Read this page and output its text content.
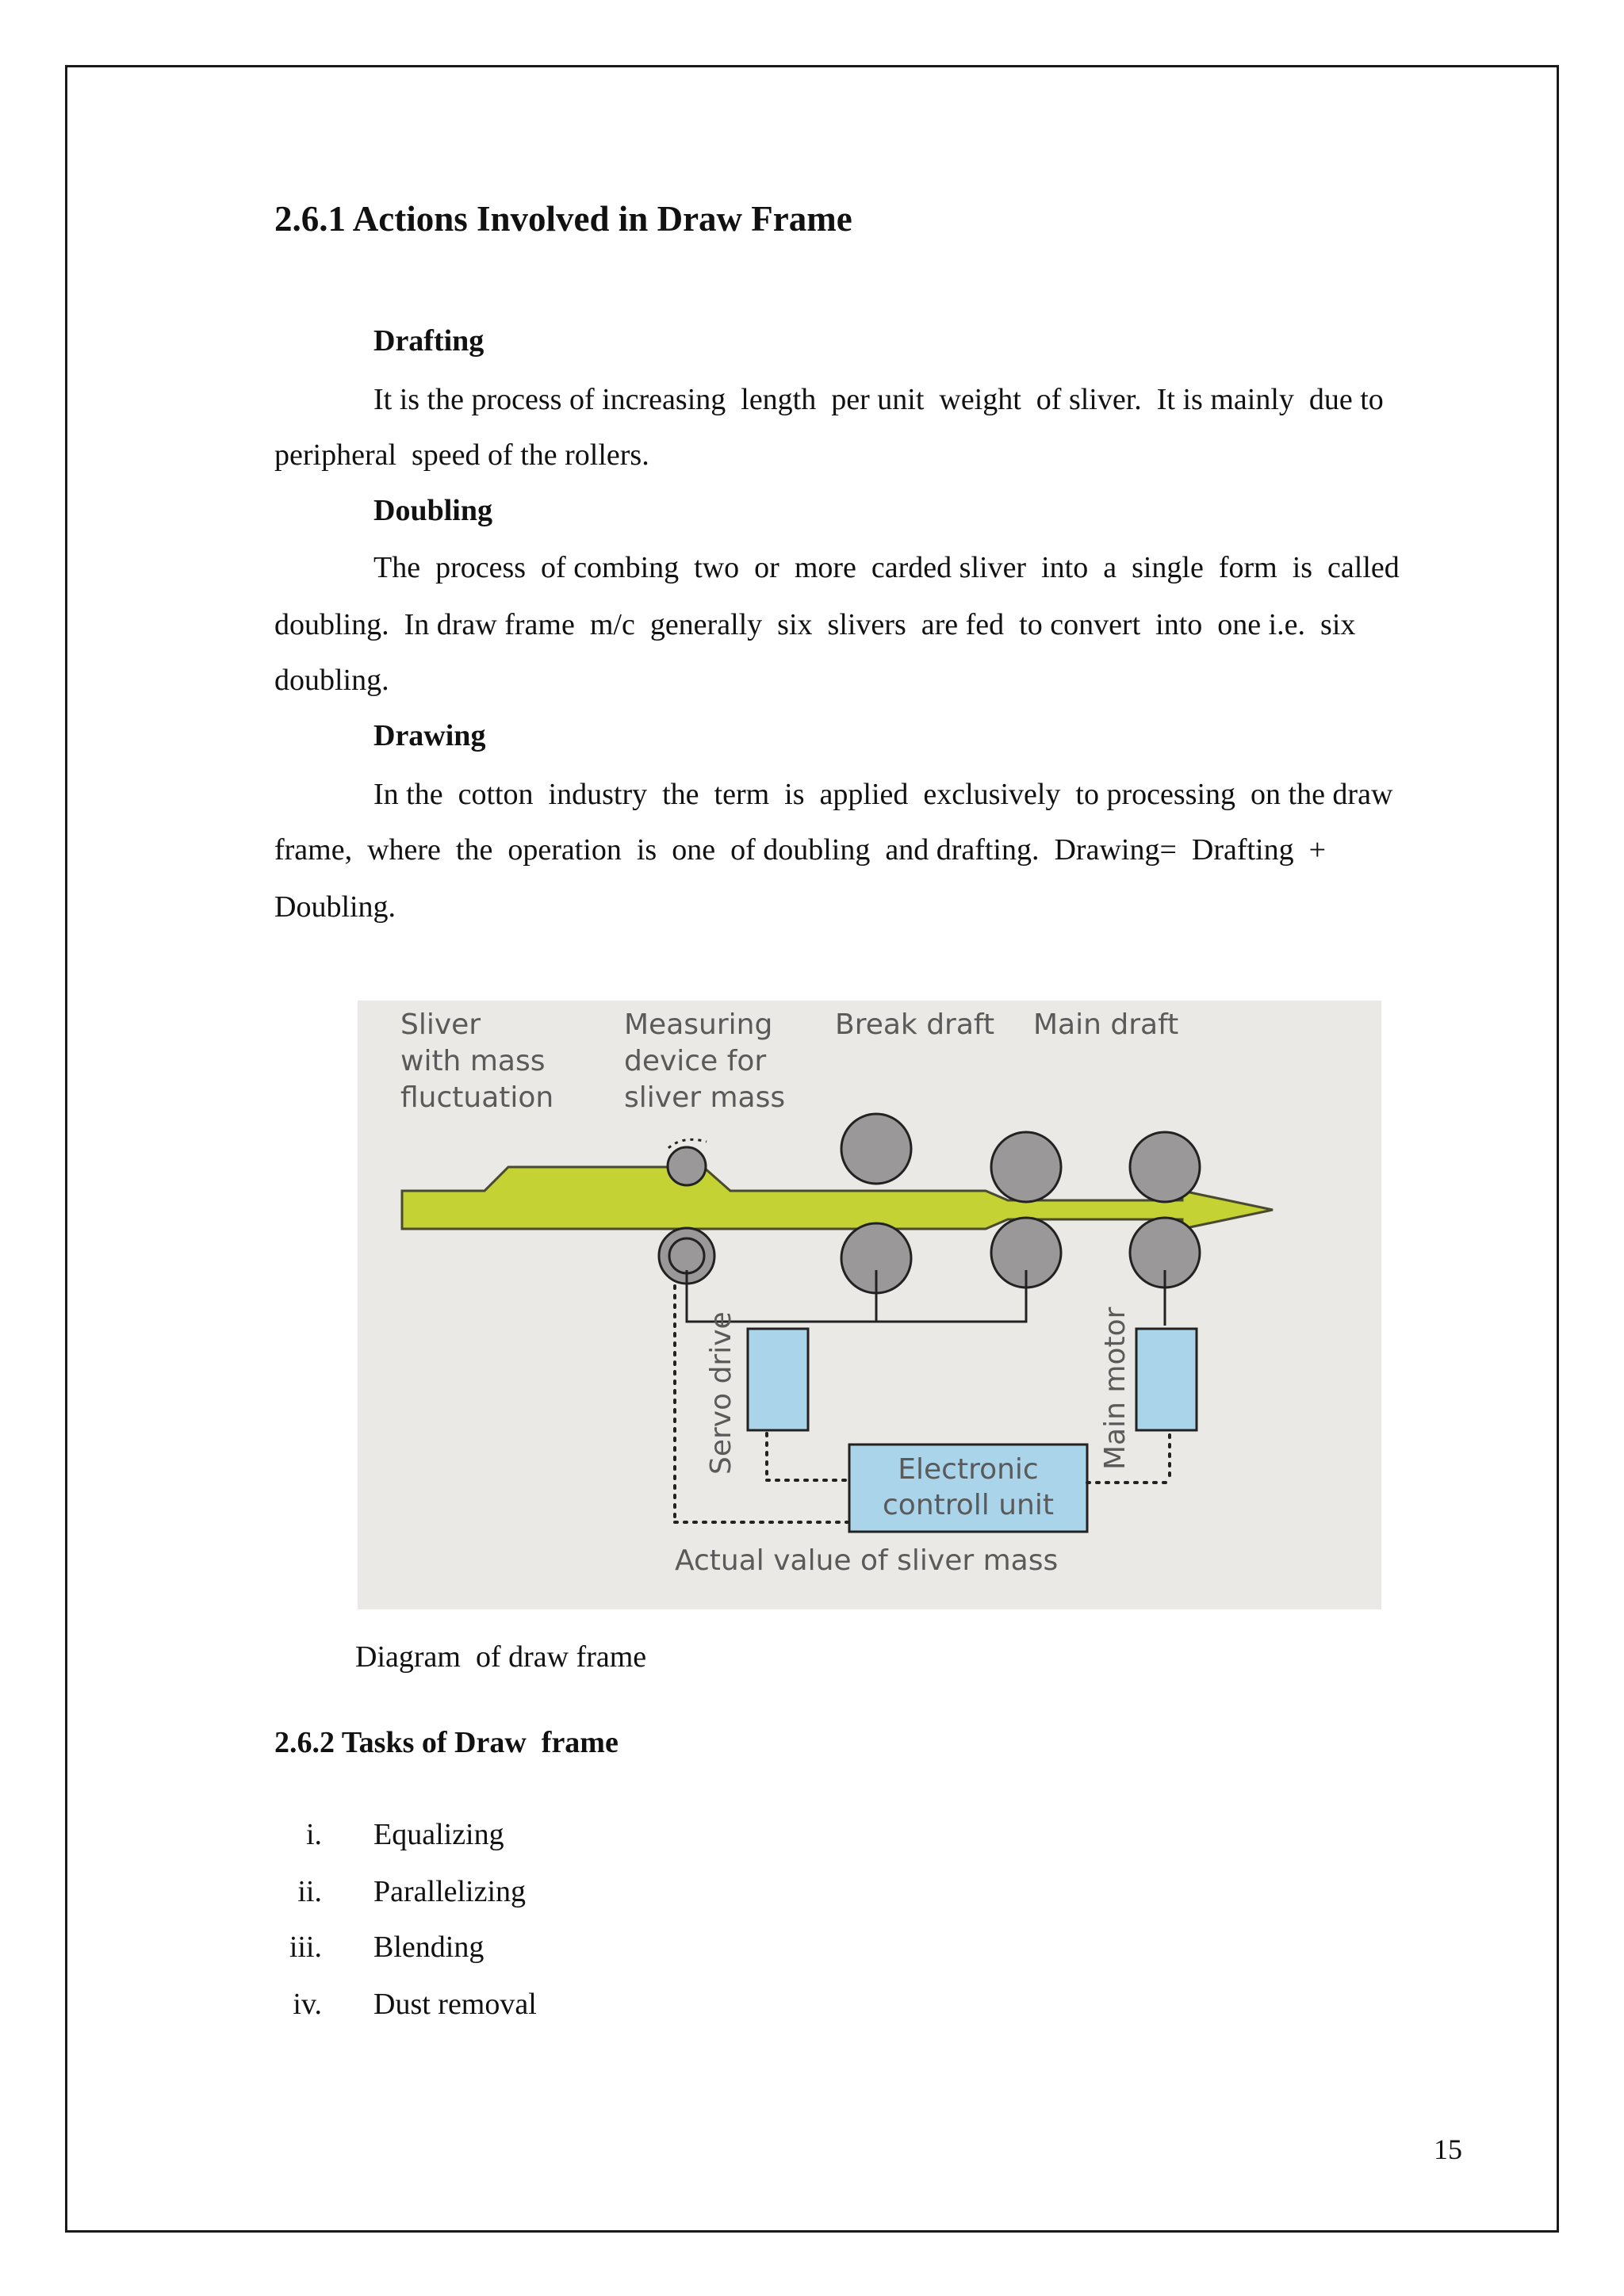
2.6.1 Actions Involved in Draw Frame
Drafting
It is the process of increasing  length  per unit  weight  of sliver.  It is mainly  due to
peripheral  speed of the rollers.
Doubling
The  process  of combing  two  or  more  carded sliver  into  a  single  form  is  called
doubling.  In draw frame  m/c  generally  six  slivers  are fed  to convert  into  one i.e.  six
doubling.
Drawing
In the  cotton  industry  the  term  is  applied  exclusively  to processing  on the draw
frame,  where  the  operation  is  one  of doubling  and drafting.  Drawing=  Drafting  +
Doubling.
Sliver
with mass
fluctuation
Measuring
device for
sliver mass
Break draft Main draft
Servo drive	Main motor
Electronic
controll unit
Actual value of sliver mass
Diagram  of draw frame
2.6.2 Tasks of Draw  frame
i. Equalizing
ii. Parallelizing
iii. Blending
iv. Dust removal
15
